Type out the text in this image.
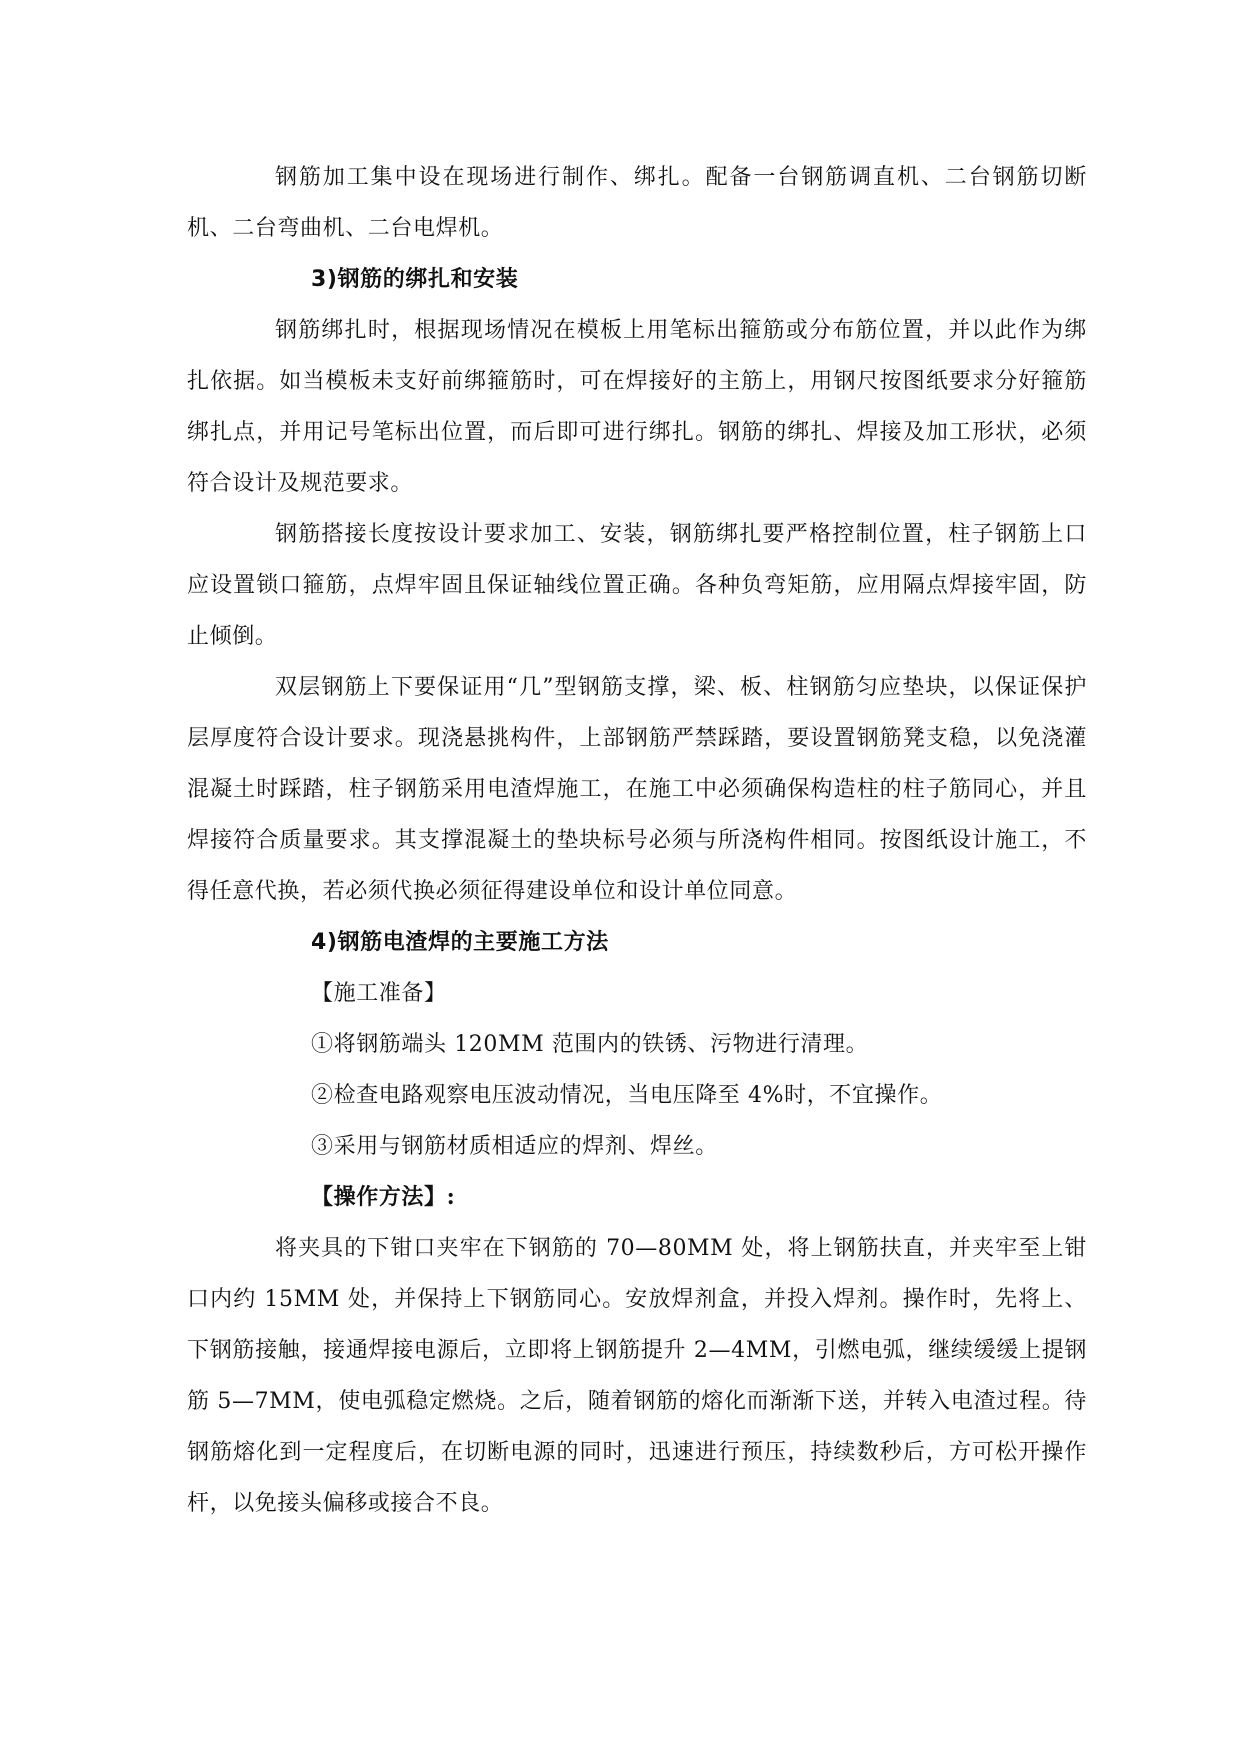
钢筋加工集中设在现场进行制作、绑扎。配备一台钢筋调直机、二台钢筋切断机、二台弯曲机、二台电焊机。

3)钢筋的绑扎和安装

钢筋绑扎时，根据现场情况在模板上用笔标出箍筋或分布筋位置，并以此作为绑扎依据。如当模板未支好前绑箍筋时，可在焊接好的主筋上，用钢尺按图纸要求分好箍筋绑扎点，并用记号笔标出位置，而后即可进行绑扎。钢筋的绑扎、焊接及加工形状，必须符合设计及规范要求。

钢筋搭接长度按设计要求加工、安装，钢筋绑扎要严格控制位置，柱子钢筋上口应设置锁口箍筋，点焊牢固且保证轴线位置正确。各种负弯矩筋，应用隔点焊接牢固，防止倾倒。

双层钢筋上下要保证用“几”型钢筋支撑，梁、板、柱钢筋匀应垫块，以保证保护层厚度符合设计要求。现浇悬挑构件，上部钢筋严禁踩踏，要设置钢筋凳支稳，以免浇灌混凝土时踩踏，柱子钢筋采用电渣焊施工，在施工中必须确保构造柱的柱子筋同心，并且焊接符合质量要求。其支撑混凝土的垫块标号必须与所浇构件相同。按图纸设计施工，不得任意代换，若必须代换必须征得建设单位和设计单位同意。

4)钢筋电渣焊的主要施工方法

【施工准备】

①将钢筋端头 120MM 范围内的铁锈、污物进行清理。

②检查电路观察电压波动情况，当电压降至 4%时，不宜操作。

③采用与钢筋材质相适应的焊剂、焊丝。

【操作方法】:

将夹具的下钳口夹牢在下钢筋的 70—80MM 处，将上钢筋扶直，并夹牢至上钳口内约 15MM 处，并保持上下钢筋同心。安放焊剂盒，并投入焊剂。操作时，先将上、下钢筋接触，接通焊接电源后，立即将上钢筋提升 2—4MM，引燃电弧，继续缓缓上提钢筋 5—7MM，使电弧稳定燃烧。之后，随着钢筋的熔化而渐渐下送，并转入电渣过程。待钢筋熔化到一定程度后，在切断电源的同时，迅速进行预压，持续数秒后，方可松开操作杆，以免接头偏移或接合不良。
